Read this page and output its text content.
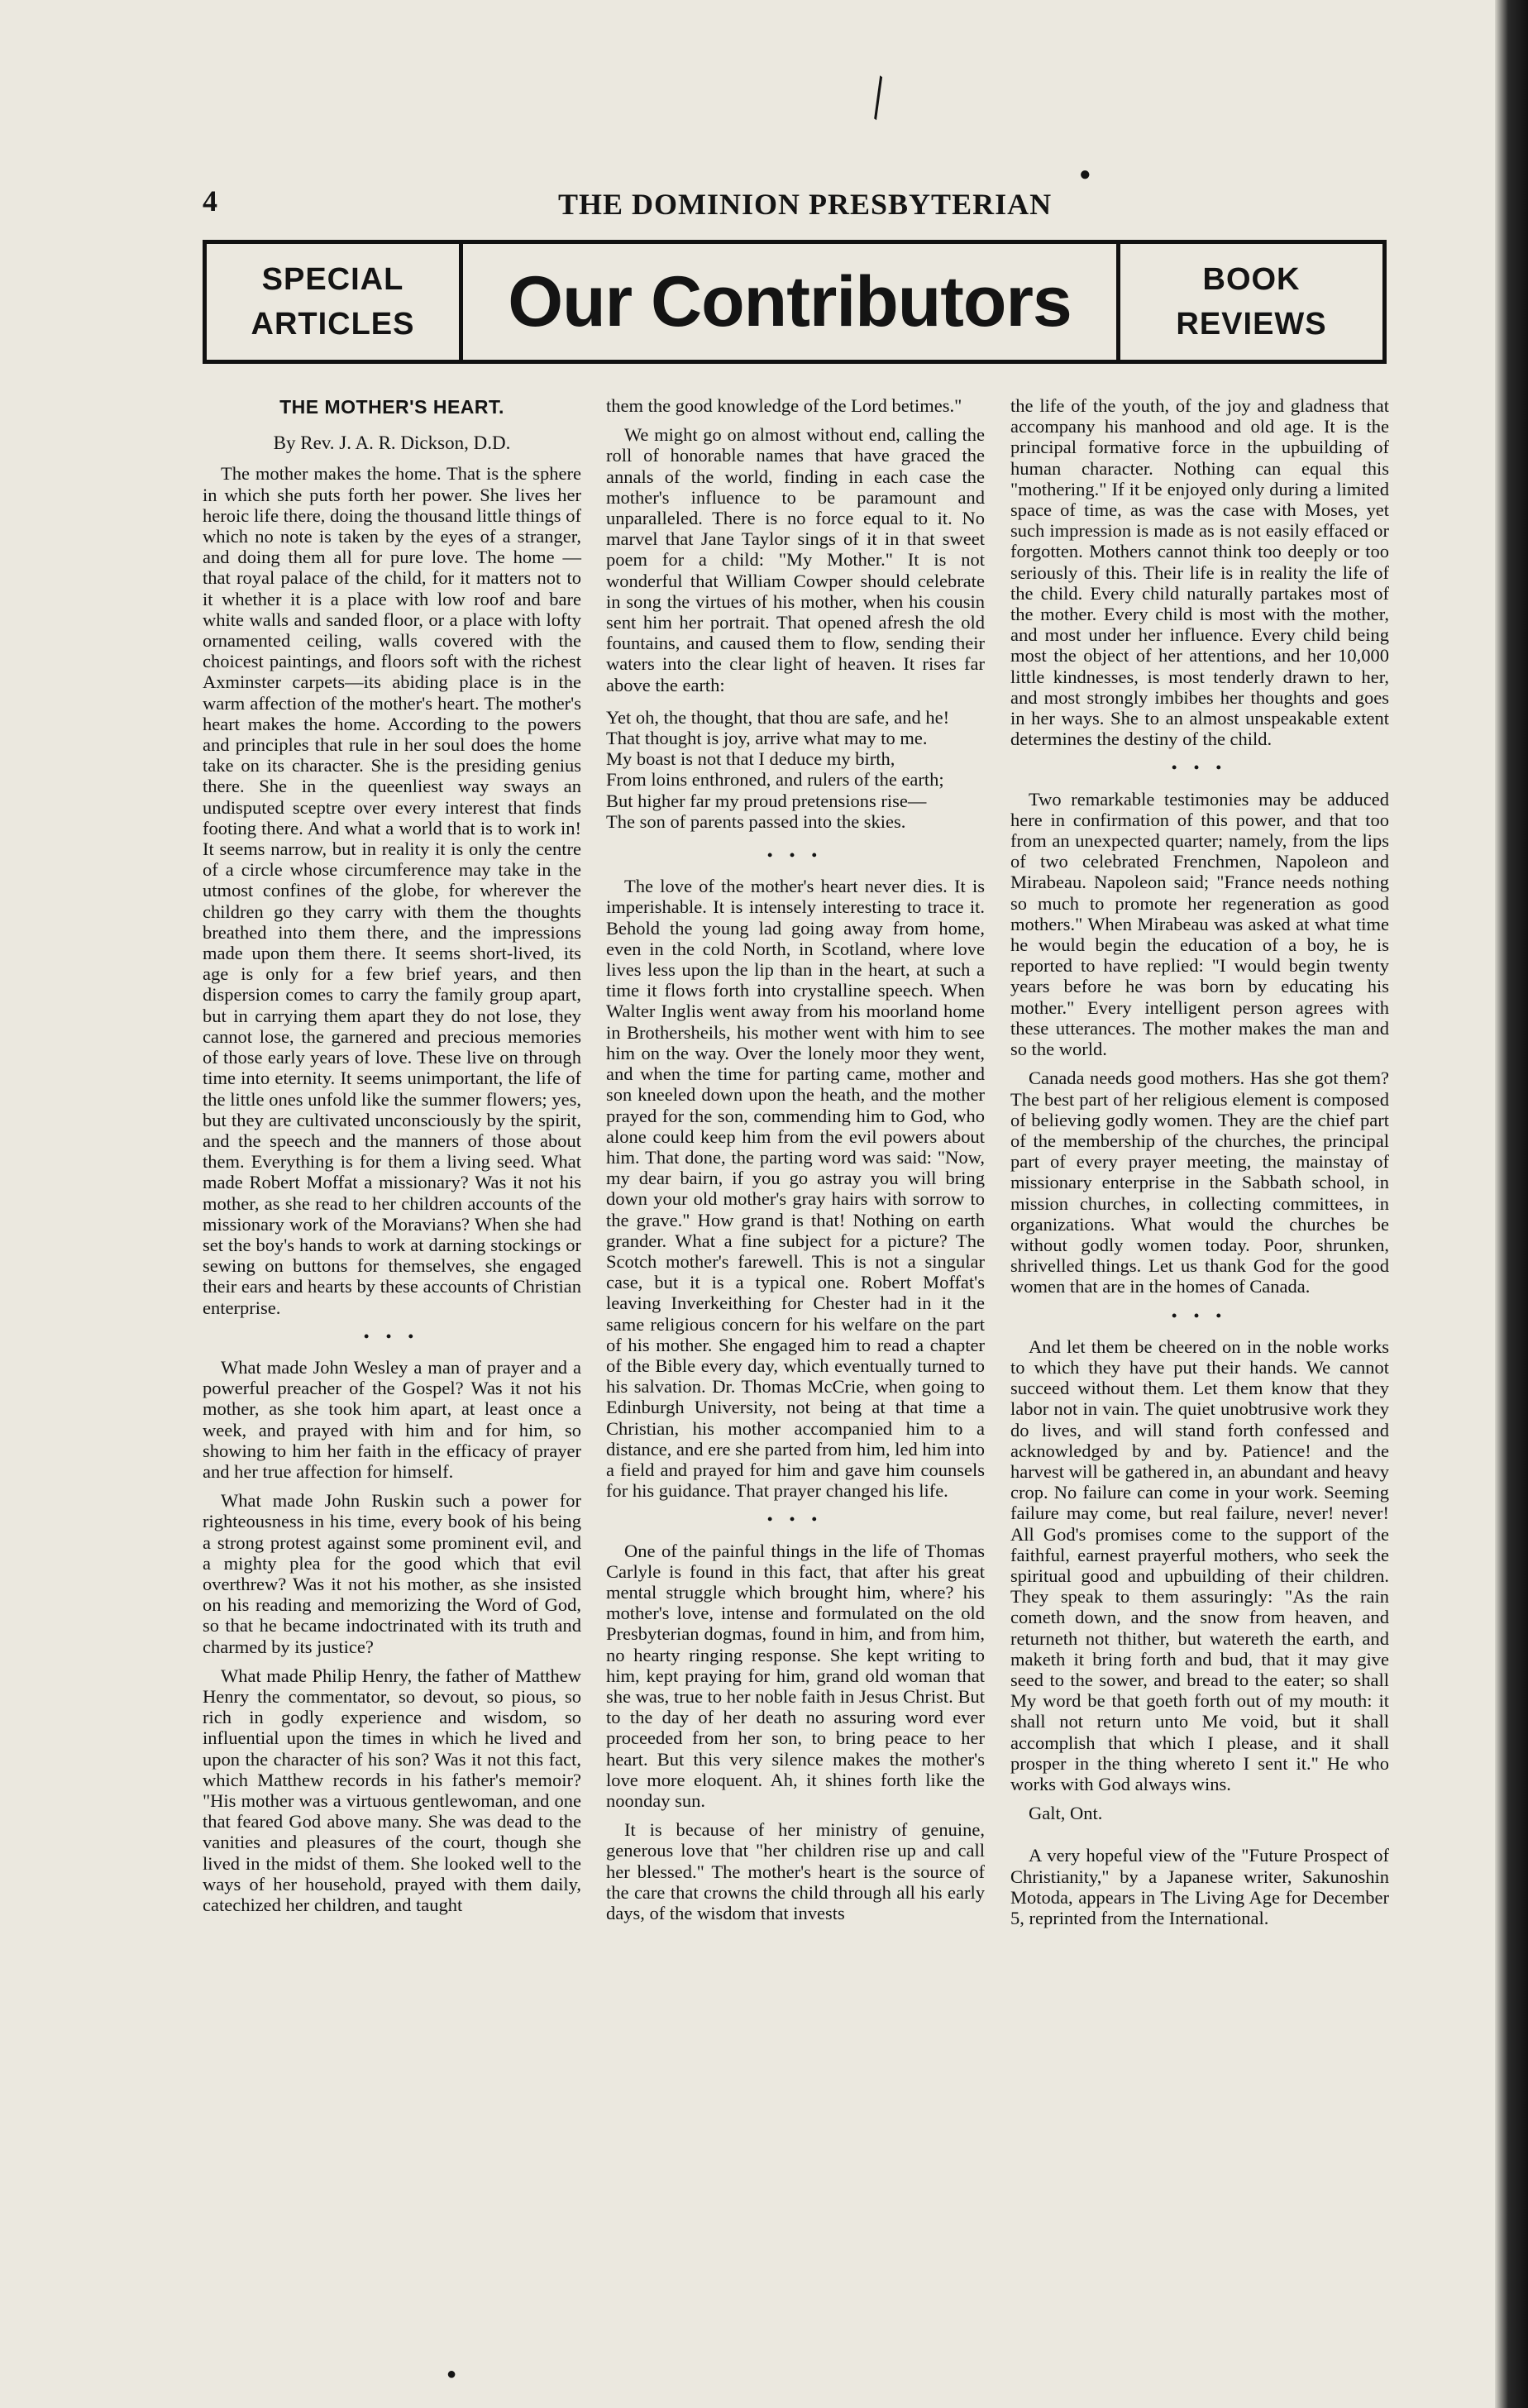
╲
●
●
4	THE DOMINION PRESBYTERIAN
SPECIAL
ARTICLES Our Contributors	BOOK
REVIEWS
THE MOTHER'S HEART.
By Rev. J. A. R. Dickson, D.D.

The mother makes the home. That is the sphere in which she puts forth her power. She lives her heroic life there, doing the thousand little things of which no note is taken by the eyes of a stranger, and doing them all for pure love. The home — that royal palace of the child, for it matters not to it whether it is a place with low roof and bare white walls and sanded floor, or a place with lofty ornamented ceiling, walls covered with the choicest paintings, and floors soft with the richest Axminster carpets—its abiding place is in the warm affection of the mother's heart. The mother's heart makes the home. According to the powers and principles that rule in her soul does the home take on its character. She is the presiding genius there. She in the queenliest way sways an undisputed sceptre over every interest that finds footing there. And what a world that is to work in! It seems narrow, but in reality it is only the centre of a circle whose circumference may take in the utmost confines of the globe, for wherever the children go they carry with them the thoughts breathed into them there, and the impressions made upon them there. It seems short-lived, its age is only for a few brief years, and then dispersion comes to carry the family group apart, but in carrying them apart they do not lose, they cannot lose, the garnered and precious memories of those early years of love. These live on through time into eternity. It seems unimportant, the life of the little ones unfold like the summer flowers; yes, but they are cultivated unconsciously by the spirit, and the speech and the manners of those about them. Everything is for them a living seed. What made Robert Moffat a missionary? Was it not his mother, as she read to her children accounts of the missionary work of the Moravians? When she had set the boy's hands to work at darning stockings or sewing on buttons for themselves, she engaged their ears and hearts by these accounts of Christian enterprise.

• • •

What made John Wesley a man of prayer and a powerful preacher of the Gospel? Was it not his mother, as she took him apart, at least once a week, and prayed with him and for him, so showing to him her faith in the efficacy of prayer and her true affection for himself.

What made John Ruskin such a power for righteousness in his time, every book of his being a strong protest against some prominent evil, and a mighty plea for the good which that evil overthrew? Was it not his mother, as she insisted on his reading and memorizing the Word of God, so that he became indoctrinated with its truth and charmed by its justice?

What made Philip Henry, the father of Matthew Henry the commentator, so devout, so pious, so rich in godly experience and wisdom, so influential upon the times in which he lived and upon the character of his son? Was it not this fact, which Matthew records in his father's memoir? "His mother was a virtuous gentlewoman, and one that feared God above many. She was dead to the vanities and pleasures of the court, though she lived in the midst of them. She looked well to the ways of her household, prayed with them daily, catechized her children, and taught

them the good knowledge of the Lord betimes."

We might go on almost without end, calling the roll of honorable names that have graced the annals of the world, finding in each case the mother's influence to be paramount and unparalleled. There is no force equal to it. No marvel that Jane Taylor sings of it in that sweet poem for a child: "My Mother." It is not wonderful that William Cowper should celebrate in song the virtues of his mother, when his cousin sent him her portrait. That opened afresh the old fountains, and caused them to flow, sending their waters into the clear light of heaven. It rises far above the earth:

Yet oh, the thought, that thou are safe, and he!
That thought is joy, arrive what may to me.
My boast is not that I deduce my birth,
From loins enthroned, and rulers of the earth;
But higher far my proud pretensions rise—
The son of parents passed into the skies.
• • •

The love of the mother's heart never dies. It is imperishable. It is intensely interesting to trace it. Behold the young lad going away from home, even in the cold North, in Scotland, where love lives less upon the lip than in the heart, at such a time it flows forth into crystalline speech. When Walter Inglis went away from his moorland home in Brothersheils, his mother went with him to see him on the way. Over the lonely moor they went, and when the time for parting came, mother and son kneeled down upon the heath, and the mother prayed for the son, commending him to God, who alone could keep him from the evil powers about him. That done, the parting word was said: "Now, my dear bairn, if you go astray you will bring down your old mother's gray hairs with sorrow to the grave." How grand is that! Nothing on earth grander. What a fine subject for a picture? The Scotch mother's farewell. This is not a singular case, but it is a typical one. Robert Moffat's leaving Inverkeithing for Chester had in it the same religious concern for his welfare on the part of his mother. She engaged him to read a chapter of the Bible every day, which eventually turned to his salvation. Dr. Thomas McCrie, when going to Edinburgh University, not being at that time a Christian, his mother accompanied him to a distance, and ere she parted from him, led him into a field and prayed for him and gave him counsels for his guidance. That prayer changed his life.

• • •

One of the painful things in the life of Thomas Carlyle is found in this fact, that after his great mental struggle which brought him, where? his mother's love, intense and formulated on the old Presbyterian dogmas, found in him, and from him, no hearty ringing response. She kept writing to him, kept praying for him, grand old woman that she was, true to her noble faith in Jesus Christ. But to the day of her death no assuring word ever proceeded from her son, to bring peace to her heart. But this very silence makes the mother's love more eloquent. Ah, it shines forth like the noonday sun.

It is because of her ministry of genuine, generous love that "her children rise up and call her blessed." The mother's heart is the source of the care that crowns the child through all his early days, of the wisdom that invests

the life of the youth, of the joy and gladness that accompany his manhood and old age. It is the principal formative force in the upbuilding of human character. Nothing can equal this "mothering." If it be enjoyed only during a limited space of time, as was the case with Moses, yet such impression is made as is not easily effaced or forgotten. Mothers cannot think too deeply or too seriously of this. Their life is in reality the life of the child. Every child naturally partakes most of the mother. Every child is most with the mother, and most under her influence. Every child being most the object of her attentions, and her 10,000 little kindnesses, is most tenderly drawn to her, and most strongly imbibes her thoughts and goes in her ways. She to an almost unspeakable extent determines the destiny of the child.

• • •

Two remarkable testimonies may be adduced here in confirmation of this power, and that too from an unexpected quarter; namely, from the lips of two celebrated Frenchmen, Napoleon and Mirabeau. Napoleon said; "France needs nothing so much to promote her regeneration as good mothers." When Mirabeau was asked at what time he would begin the education of a boy, he is reported to have replied: "I would begin twenty years before he was born by educating his mother." Every intelligent person agrees with these utterances. The mother makes the man and so the world.

Canada needs good mothers. Has she got them? The best part of her religious element is composed of believing godly women. They are the chief part of the membership of the churches, the principal part of every prayer meeting, the mainstay of missionary enterprise in the Sabbath school, in mission churches, in collecting committees, in organizations. What would the churches be without godly women today. Poor, shrunken, shrivelled things. Let us thank God for the good women that are in the homes of Canada.

• • •

And let them be cheered on in the noble works to which they have put their hands. We cannot succeed without them. Let them know that they labor not in vain. The quiet unobtrusive work they do lives, and will stand forth confessed and acknowledged by and by. Patience! and the harvest will be gathered in, an abundant and heavy crop. No failure can come in your work. Seeming failure may come, but real failure, never! never! All God's promises come to the support of the faithful, earnest prayerful mothers, who seek the spiritual good and upbuilding of their children. They speak to them assuringly: "As the rain cometh down, and the snow from heaven, and returneth not thither, but watereth the earth, and maketh it bring forth and bud, that it may give seed to the sower, and bread to the eater; so shall My word be that goeth forth out of my mouth: it shall not return unto Me void, but it shall accomplish that which I please, and it shall prosper in the thing whereto I sent it." He who works with God always wins.

Galt, Ont.

A very hopeful view of the "Future Prospect of Christianity," by a Japanese writer, Sakunoshin Motoda, appears in The Living Age for December 5, reprinted from the International.
